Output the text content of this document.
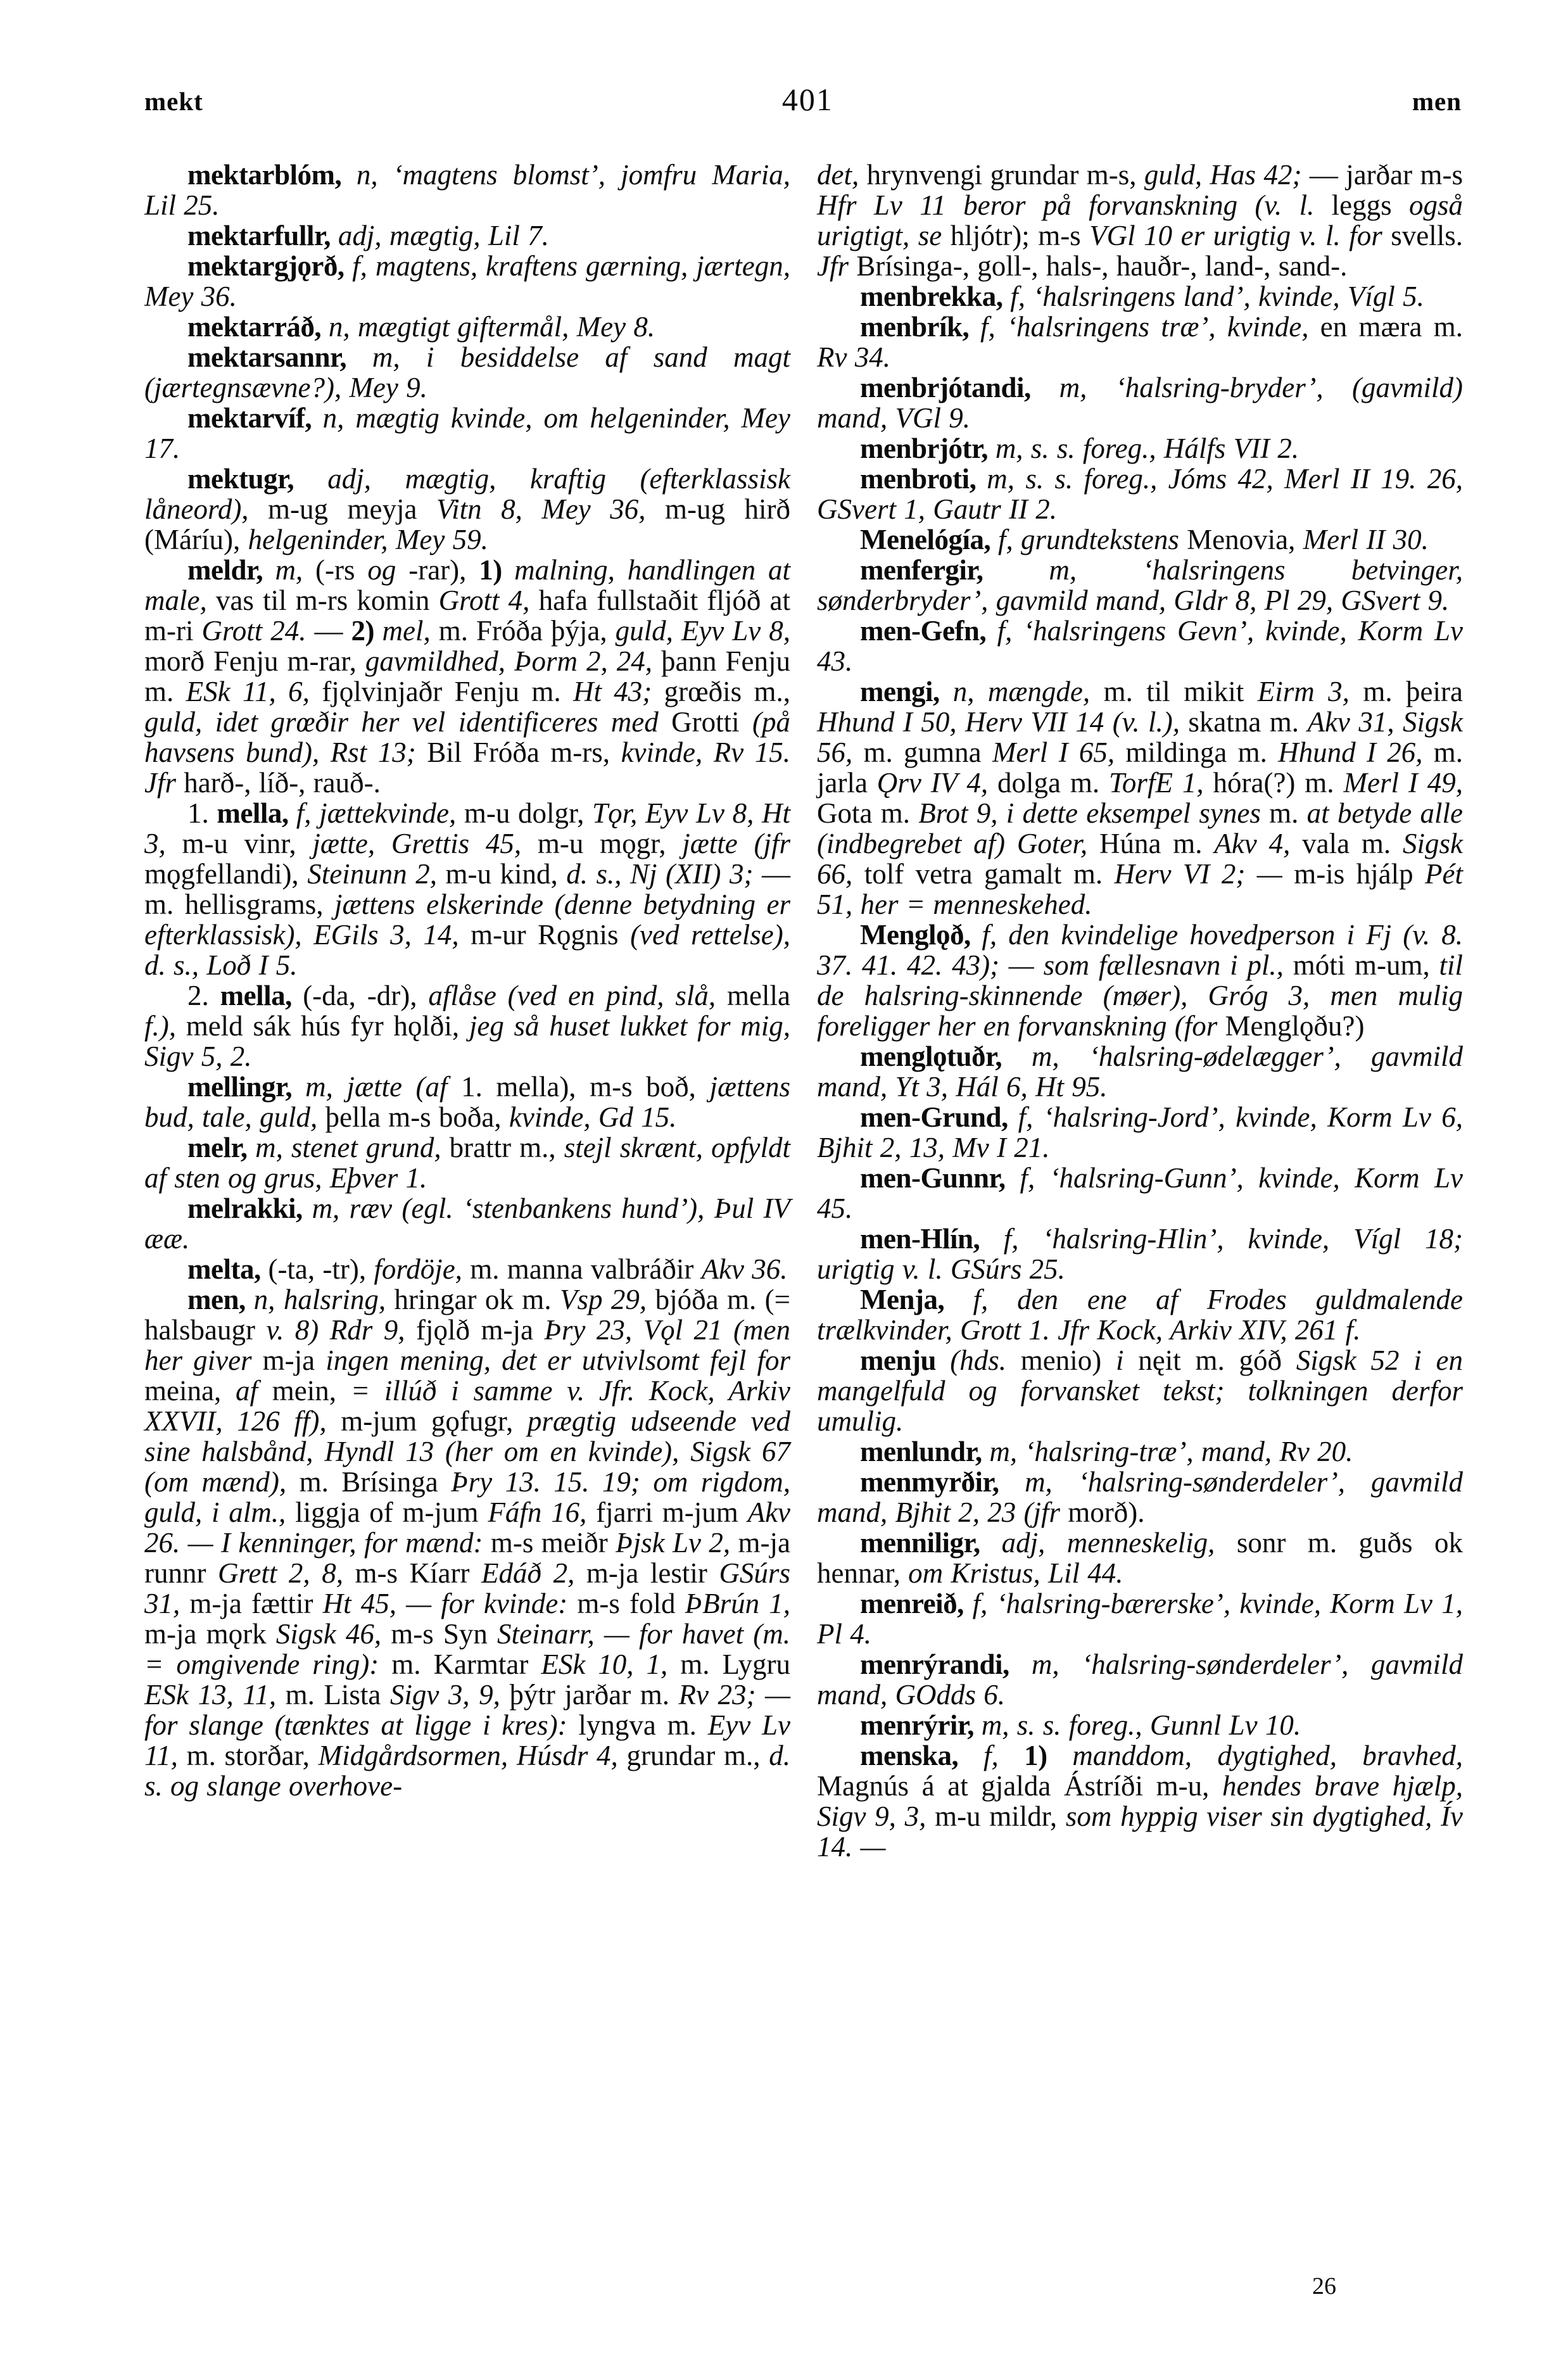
mekt	401	men

mektarblóm, n, ‘magtens blomst’, jomfru Maria, Lil 25.

mektarfullr, adj, mægtig, Lil 7.

mektargjǫrð, f, magtens, kraftens gærning, jærtegn, Mey 36.

mektarráð, n, mægtigt giftermål, Mey 8.

mektarsannr, m, i besiddelse af sand magt (jærtegnsævne?), Mey 9.

mektarvíf, n, mægtig kvinde, om helgeninder, Mey 17.

mektugr, adj, mægtig, kraftig (efterklassisk låneord), m-ug meyja Vitn 8, Mey 36, m-ug hirð (Máríu), helgeninder, Mey 59.

meldr, m, (-rs og -rar), 1) malning, handlingen at male, vas til m-rs komin Grott 4, hafa fullstaðit fljóð at m-ri Grott 24. — 2) mel, m. Fróða þýja, guld, Eyv Lv 8, morð Fenju m-rar, gavmildhed, Þorm 2, 24, þann Fenju m. ESk 11, 6, fjǫlvinjaðr Fenju m. Ht 43; grœðis m., guld, idet grœðir her vel identificeres med Grotti (på havsens bund), Rst 13; Bil Fróða m-rs, kvinde, Rv 15. Jfr harð-, líð-, rauð-.

1. mella, f, jættekvinde, m-u dolgr, Tǫr, Eyv Lv 8, Ht 3, m-u vinr, jætte, Grettis 45, m-u mǫgr, jætte (jfr mǫgfellandi), Steinunn 2, m-u kind, d. s., Nj (XII) 3; — m. hellisgrams, jættens elskerinde (denne betydning er efterklassisk), EGils 3, 14, m-ur Rǫgnis (ved rettelse), d. s., Loð I 5.

2. mella, (-da, -dr), aflåse (ved en pind, slå, mella f.), meld sák hús fyr hǫlði, jeg så huset lukket for mig, Sigv 5, 2.

mellingr, m, jætte (af 1. mella), m-s boð, jættens bud, tale, guld, þella m-s boða, kvinde, Gd 15.

melr, m, stenet grund, brattr m., stejl skrænt, opfyldt af sten og grus, Eþver 1.

melrakki, m, ræv (egl. ‘stenbankens hund’), Þul IV ææ.

melta, (-ta, -tr), fordöje, m. manna valbráðir Akv 36.

men, n, halsring, hringar ok m. Vsp 29, bjóða m. (= halsbaugr v. 8) Rdr 9, fjǫlð m-ja Þry 23, Vǫl 21 (men her giver m-ja ingen mening, det er utvivlsomt fejl for meina, af mein, = illúð i samme v. Jfr. Kock, Arkiv XXVII, 126 ff), m-jum gǫfugr, prægtig udseende ved sine halsbånd, Hyndl 13 (her om en kvinde), Sigsk 67 (om mænd), m. Brísinga Þry 13. 15. 19; om rigdom, guld, i alm., liggja of m-jum Fáfn 16, fjarri m-jum Akv 26. — I kenninger, for mænd: m-s meiðr Þjsk Lv 2, m-ja runnr Grett 2, 8, m-s Kíarr Edáð 2, m-ja lestir GSúrs 31, m-ja fættir Ht 45, — for kvinde: m-s fold ÞBrún 1, m-ja mǫrk Sigsk 46, m-s Syn Steinarr, — for havet (m. = omgivende ring): m. Karmtar ESk 10, 1, m. Lygru ESk 13, 11, m. Lista Sigv 3, 9, þýtr jarðar m. Rv 23; — for slange (tænktes at ligge i kres): lyngva m. Eyv Lv 11, m. storðar, Midgårdsormen, Húsdr 4, grundar m., d. s. og slange overhove-

det, hrynvengi grundar m-s, guld, Has 42; — jarðar m-s Hfr Lv 11 beror på forvanskning (v. l. leggs også urigtigt, se hljótr); m-s VGl 10 er urigtig v. l. for svells. Jfr Brísinga-, goll-, hals-, hauðr-, land-, sand-.

menbrekka, f, ‘halsringens land’, kvinde, Vígl 5.

menbrík, f, ‘halsringens træ’, kvinde, en mæra m. Rv 34.

menbrjótandi, m, ‘halsring-bryder’, (gavmild) mand, VGl 9.

menbrjótr, m, s. s. foreg., Hálfs VII 2.

menbroti, m, s. s. foreg., Jóms 42, Merl II 19. 26, GSvert 1, Gautr II 2.

Menelógía, f, grundtekstens Menovia, Merl II 30.

menfergir, m, ‘halsringens betvinger, sønderbryder’, gavmild mand, Gldr 8, Pl 29, GSvert 9.

men-Gefn, f, ‘halsringens Gevn’, kvinde, Korm Lv 43.

mengi, n, mængde, m. til mikit Eirm 3, m. þeira Hhund I 50, Herv VII 14 (v. l.), skatna m. Akv 31, Sigsk 56, m. gumna Merl I 65, mildinga m. Hhund I 26, m. jarla Ǫrv IV 4, dolga m. TorfE 1, hóra(?) m. Merl I 49, Gota m. Brot 9, i dette eksempel synes m. at betyde alle (indbegrebet af) Goter, Húna m. Akv 4, vala m. Sigsk 66, tolf vetra gamalt m. Herv VI 2; — m-is hjálp Pét 51, her = menneskehed.

Menglǫð, f, den kvindelige hovedperson i Fj (v. 8. 37. 41. 42. 43); — som fællesnavn i pl., móti m-um, til de halsring-skinnende (møer), Gróg 3, men mulig foreligger her en forvanskning (for Menglǫðu?)

menglǫtuðr, m, ‘halsring-ødelægger’, gavmild mand, Yt 3, Hál 6, Ht 95.

men-Grund, f, ‘halsring-Jord’, kvinde, Korm Lv 6, Bjhit 2, 13, Mv I 21.

men-Gunnr, f, ‘halsring-Gunn’, kvinde, Korm Lv 45.

men-Hlín, f, ‘halsring-Hlin’, kvinde, Vígl 18; urigtig v. l. GSúrs 25.

Menja, f, den ene af Frodes guldmalende trælkvinder, Grott 1. Jfr Kock, Arkiv XIV, 261 f.

menju (hds. menio) i nęit m. góð Sigsk 52 i en mangelfuld og forvansket tekst; tolkningen derfor umulig.

menlundr, m, ‘halsring-træ’, mand, Rv 20.

menmyrðir, m, ‘halsring-sønderdeler’, gavmild mand, Bjhit 2, 23 (jfr morð).

menniligr, adj, menneskelig, sonr m. guðs ok hennar, om Kristus, Lil 44.

menreið, f, ‘halsring-bærerske’, kvinde, Korm Lv 1, Pl 4.

menrýrandi, m, ‘halsring-sønderdeler’, gavmild mand, GOdds 6.

menrýrir, m, s. s. foreg., Gunnl Lv 10.

menska, f, 1) manddom, dygtighed, bravhed, Magnús á at gjalda Ástríði m-u, hendes brave hjælp, Sigv 9, 3, m-u mildr, som hyppig viser sin dygtighed, Ív 14. —

26
